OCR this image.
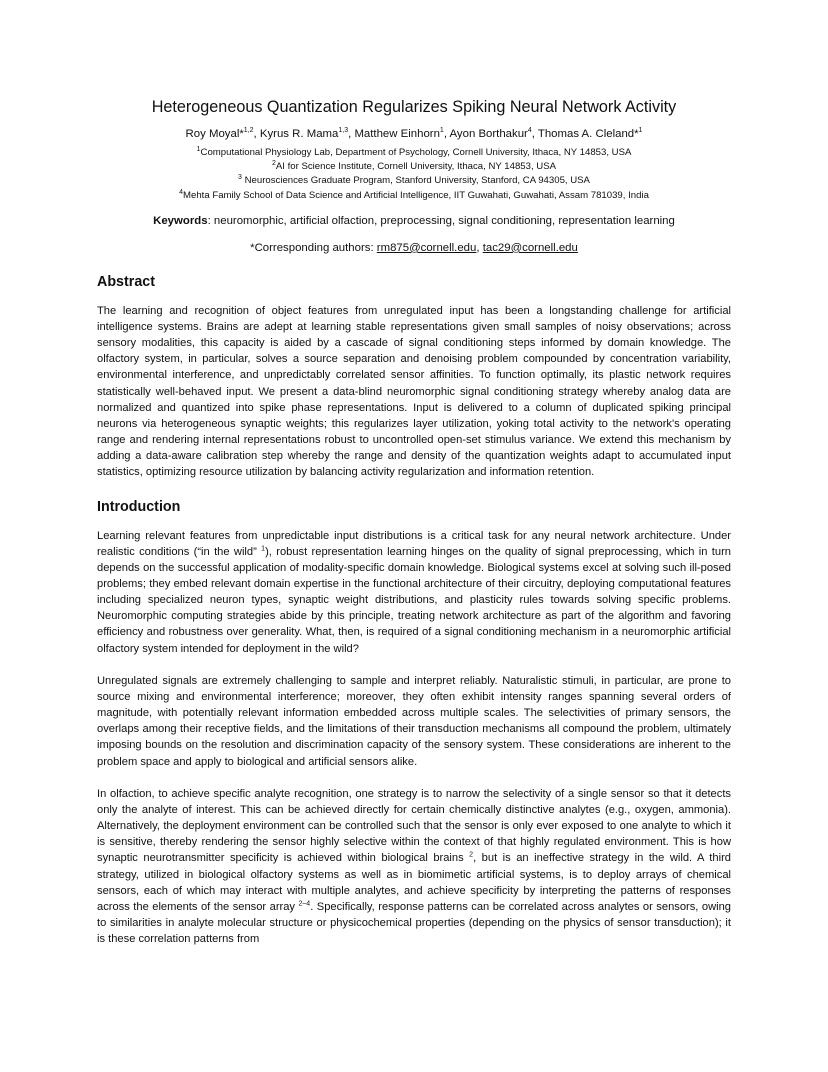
Heterogeneous Quantization Regularizes Spiking Neural Network Activity

Roy Moyal*$^{1,2}$, Kyrus R. Mama$^{1,3}$, Matthew Einhorn$^1$, Ayon Borthakur$^4$, Thomas A. Cleland*$^1$

$^1$Computational Physiology Lab, Department of Psychology, Cornell University, Ithaca, NY 14853, USA

$^2$AI for Science Institute, Cornell University, Ithaca, NY 14853, USA

$^3$ Neurosciences Graduate Program, Stanford University, Stanford, CA 94305, USA

$^4$Mehta Family School of Data Science and Artificial Intelligence, IIT Guwahati, Guwahati, Assam 781039, India

Keywords: neuromorphic, artificial olfaction, preprocessing, signal conditioning, representation learning

*Corresponding authors: rm875@cornell.edu, tac29@cornell.edu

Abstract

The learning and recognition of object features from unregulated input has been a longstanding challenge for artificial intelligence systems. Brains are adept at learning stable representations given small samples of noisy observations; across sensory modalities, this capacity is aided by a cascade of signal conditioning steps informed by domain knowledge. The olfactory system, in particular, solves a source separation and denoising problem compounded by concentration variability, environmental interference, and unpredictably correlated sensor affinities. To function optimally, its plastic network requires statistically well-behaved input. We present a data-blind neuromorphic signal conditioning strategy whereby analog data are normalized and quantized into spike phase representations. Input is delivered to a column of duplicated spiking principal neurons via heterogeneous synaptic weights; this regularizes layer utilization, yoking total activity to the network's operating range and rendering internal representations robust to uncontrolled open-set stimulus variance. We extend this mechanism by adding a data-aware calibration step whereby the range and density of the quantization weights adapt to accumulated input statistics, optimizing resource utilization by balancing activity regularization and information retention.

Introduction

Learning relevant features from unpredictable input distributions is a critical task for any neural network architecture. Under realistic conditions (“in the wild” $^1$), robust representation learning hinges on the quality of signal preprocessing, which in turn depends on the successful application of modality-specific domain knowledge. Biological systems excel at solving such ill-posed problems; they embed relevant domain expertise in the functional architecture of their circuitry, deploying computational features including specialized neuron types, synaptic weight distributions, and plasticity rules towards solving specific problems. Neuromorphic computing strategies abide by this principle, treating network architecture as part of the algorithm and favoring efficiency and robustness over generality. What, then, is required of a signal conditioning mechanism in a neuromorphic artificial olfactory system intended for deployment in the wild?

Unregulated signals are extremely challenging to sample and interpret reliably. Naturalistic stimuli, in particular, are prone to source mixing and environmental interference; moreover, they often exhibit intensity ranges spanning several orders of magnitude, with potentially relevant information embedded across multiple scales. The selectivities of primary sensors, the overlaps among their receptive fields, and the limitations of their transduction mechanisms all compound the problem, ultimately imposing bounds on the resolution and discrimination capacity of the sensory system. These considerations are inherent to the problem space and apply to biological and artificial sensors alike.

In olfaction, to achieve specific analyte recognition, one strategy is to narrow the selectivity of a single sensor so that it detects only the analyte of interest. This can be achieved directly for certain chemically distinctive analytes (e.g., oxygen, ammonia). Alternatively, the deployment environment can be controlled such that the sensor is only ever exposed to one analyte to which it is sensitive, thereby rendering the sensor highly selective within the context of that highly regulated environment. This is how synaptic neurotransmitter specificity is achieved within biological brains $^2$, but is an ineffective strategy in the wild. A third strategy, utilized in biological olfactory systems as well as in biomimetic artificial systems, is to deploy arrays of chemical sensors, each of which may interact with multiple analytes, and achieve specificity by interpreting the patterns of responses across the elements of the sensor array $^{2-4}$. Specifically, response patterns can be correlated across analytes or sensors, owing to similarities in analyte molecular structure or physicochemical properties (depending on the physics of sensor transduction); it is these correlation patterns from
